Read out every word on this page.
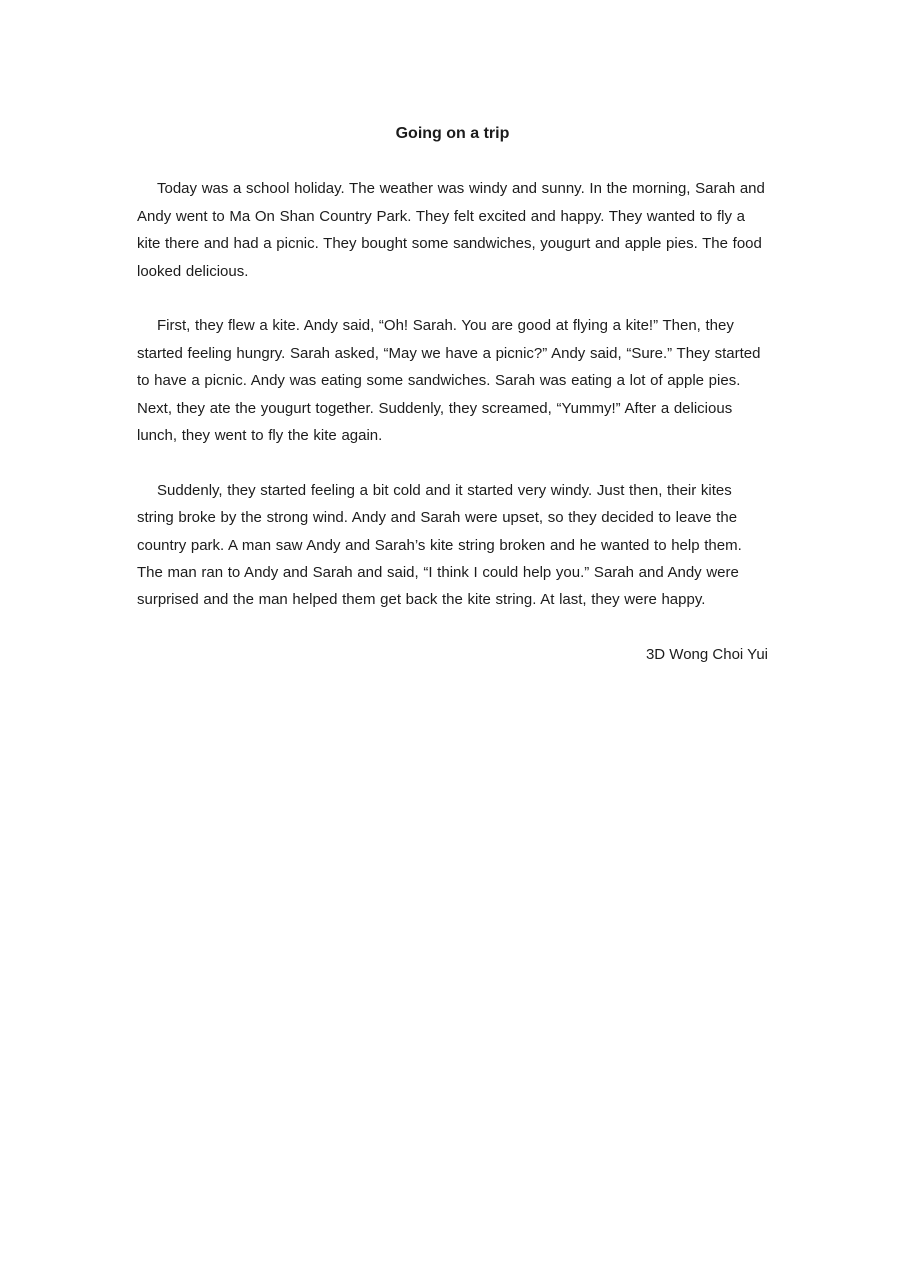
Going on a trip

Today was a school holiday. The weather was windy and sunny. In the morning, Sarah and Andy went to Ma On Shan Country Park. They felt excited and happy. They wanted to fly a kite there and had a picnic. They bought some sandwiches, yougurt and apple pies. The food looked delicious.

First, they flew a kite. Andy said, “Oh! Sarah. You are good at flying a kite!” Then, they started feeling hungry. Sarah asked, “May we have a picnic?” Andy said, “Sure.” They started to have a picnic. Andy was eating some sandwiches. Sarah was eating a lot of apple pies. Next, they ate the yougurt together. Suddenly, they screamed, “Yummy!” After a delicious lunch, they went to fly the kite again.

Suddenly, they started feeling a bit cold and it started very windy. Just then, their kites string broke by the strong wind. Andy and Sarah were upset, so they decided to leave the country park. A man saw Andy and Sarah’s kite string broken and he wanted to help them. The man ran to Andy and Sarah and said, “I think I could help you.” Sarah and Andy were surprised and the man helped them get back the kite string. At last, they were happy.

3D Wong Choi Yui
